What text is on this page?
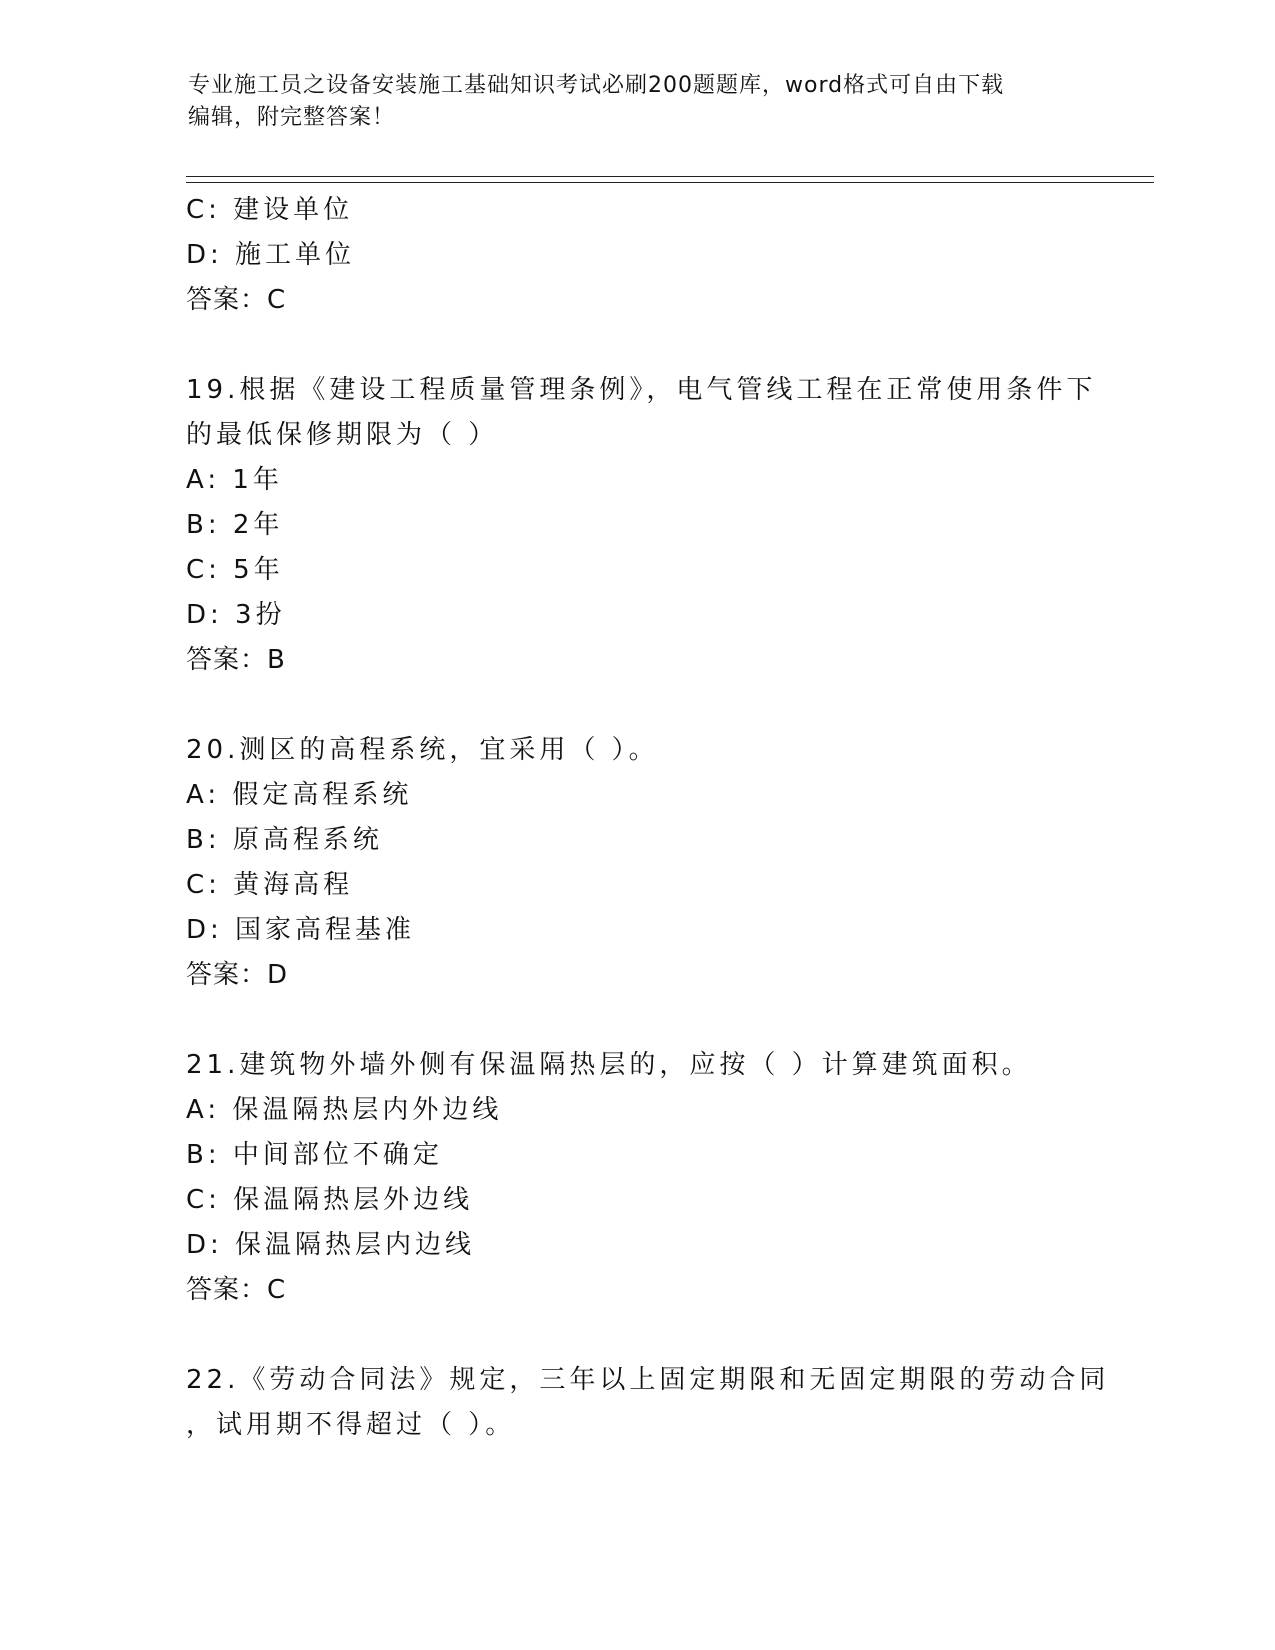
专业施工员之设备安装施工基础知识考试必刷200题题库，word格式可自由下载
编辑，附完整答案！
C: 建设单位
D: 施工单位
答案：C
19.根据《建设工程质量管理条例》，电气管线工程在正常使用条件下
的最低保修期限为（ ）
A: 1年
B: 2年
C: 5年
D: 3扮
答案：B
20.测区的高程系统，宜采用（ ）。
A: 假定高程系统
B: 原高程系统
C: 黄海高程
D: 国家高程基准
答案：D
21.建筑物外墙外侧有保温隔热层的，应按（ ）计算建筑面积。
A: 保温隔热层内外边线
B: 中间部位不确定
C: 保温隔热层外边线
D: 保温隔热层内边线
答案：C
22.《劳动合同法》规定，三年以上固定期限和无固定期限的劳动合同
，试用期不得超过（ ）。
